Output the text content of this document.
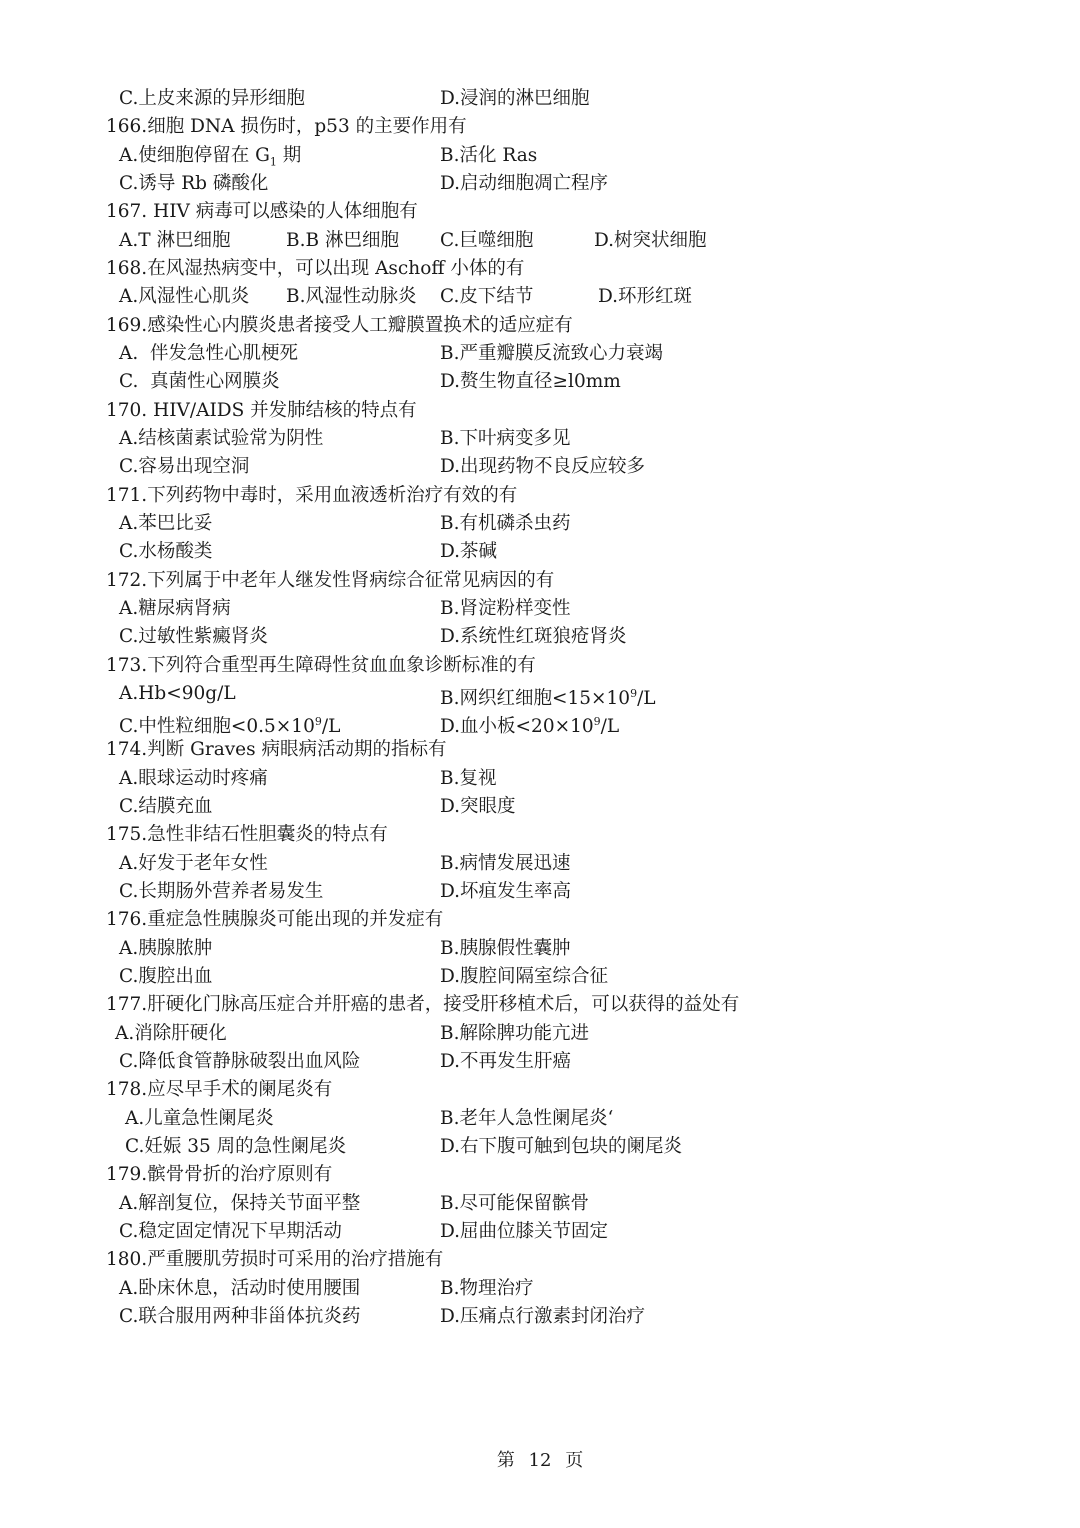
C.上皮来源的异形细胞	D.浸润的淋巴细胞
166.细胞 DNA 损伤时，p53 的主要作用有
A.使细胞停留在 $G_1$ 期	B.活化 Ras
C.诱导 Rb 磷酸化	D.启动细胞凋亡程序
167. HIV 病毒可以感染的人体细胞有
A.T 淋巴细胞	B.B 淋巴细胞 C.巨噬细胞	D.树突状细胞
168.在风湿热病变中，可以出现 Aschoff 小体的有
A.风湿性心肌炎 B.风湿性动脉炎 C.皮下结节	D.环形红斑
169.感染性心内膜炎患者接受人工瓣膜置换术的适应症有
A.  伴发急性心肌梗死	B.严重瓣膜反流致心力衰竭
C.  真菌性心网膜炎	D.赘生物直径≥l0mm
170. HIV/AIDS 并发肺结核的特点有
A.结核菌素试验常为阴性	B.下叶病变多见
C.容易出现空洞	D.出现药物不良反应较多
171.下列药物中毒时，采用血液透析治疗有效的有
A.苯巴比妥	B.有机磷杀虫药
C.水杨酸类	D.茶碱
172.下列属于中老年人继发性肾病综合征常见病因的有
A.糖尿病肾病	B.肾淀粉样变性
C.过敏性紫癜肾炎	D.系统性红斑狼疮肾炎
173.下列符合重型再生障碍性贫血血象诊断标准的有
A.Hb<90g/L	B.网织红细胞$<15\times 10^9/L$
C.中性粒细胞$<0.5\times 10^9/L$	D.血小板$<20\times 10^9/L$
174.判断 Graves 病眼病活动期的指标有
A.眼球运动时疼痛	B.复视
C.结膜充血	D.突眼度
175.急性非结石性胆囊炎的特点有
A.好发于老年女性	B.病情发展迅速
C.长期肠外营养者易发生	D.坏疽发生率高
176.重症急性胰腺炎可能出现的并发症有
A.胰腺脓肿	B.胰腺假性囊肿
C.腹腔出血	D.腹腔间隔室综合征
177.肝硬化门脉高压症合并肝癌的患者，接受肝移植术后，可以获得的益处有
A.消除肝硬化	B.解除脾功能亢进
C.降低食管静脉破裂出血风险	D.不再发生肝癌
178.应尽早手术的阑尾炎有
A.儿童急性阑尾炎	B.老年人急性阑尾炎‘
C.妊娠 35 周的急性阑尾炎	D.右下腹可触到包块的阑尾炎
179.髌骨骨折的治疗原则有
A.解剖复位，保持关节面平整	B.尽可能保留髌骨
C.稳定固定情况下早期活动	D.屈曲位膝关节固定
180.严重腰肌劳损时可采用的治疗措施有
A.卧床休息，活动时使用腰围	B.物理治疗
C.联合服用两种非甾体抗炎药	D.压痛点行激素封闭治疗
第 12 页
